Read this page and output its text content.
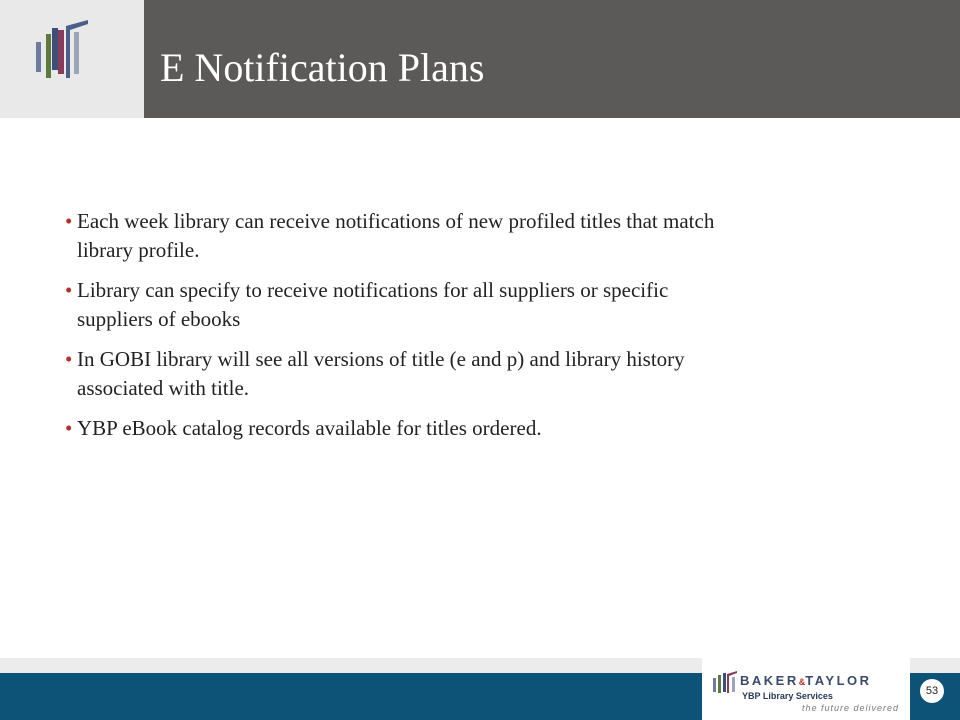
E Notification Plans
• Each week library can receive notifications of new profiled titles that match library profile.
• Library can specify to receive notifications for all suppliers or specific suppliers of ebooks
• In GOBI library will see all versions of title (e and p) and library history associated with title.
• YBP eBook catalog records available for titles ordered.
BAKER&TAYLOR
YBP Library Services
the future delivered
53
